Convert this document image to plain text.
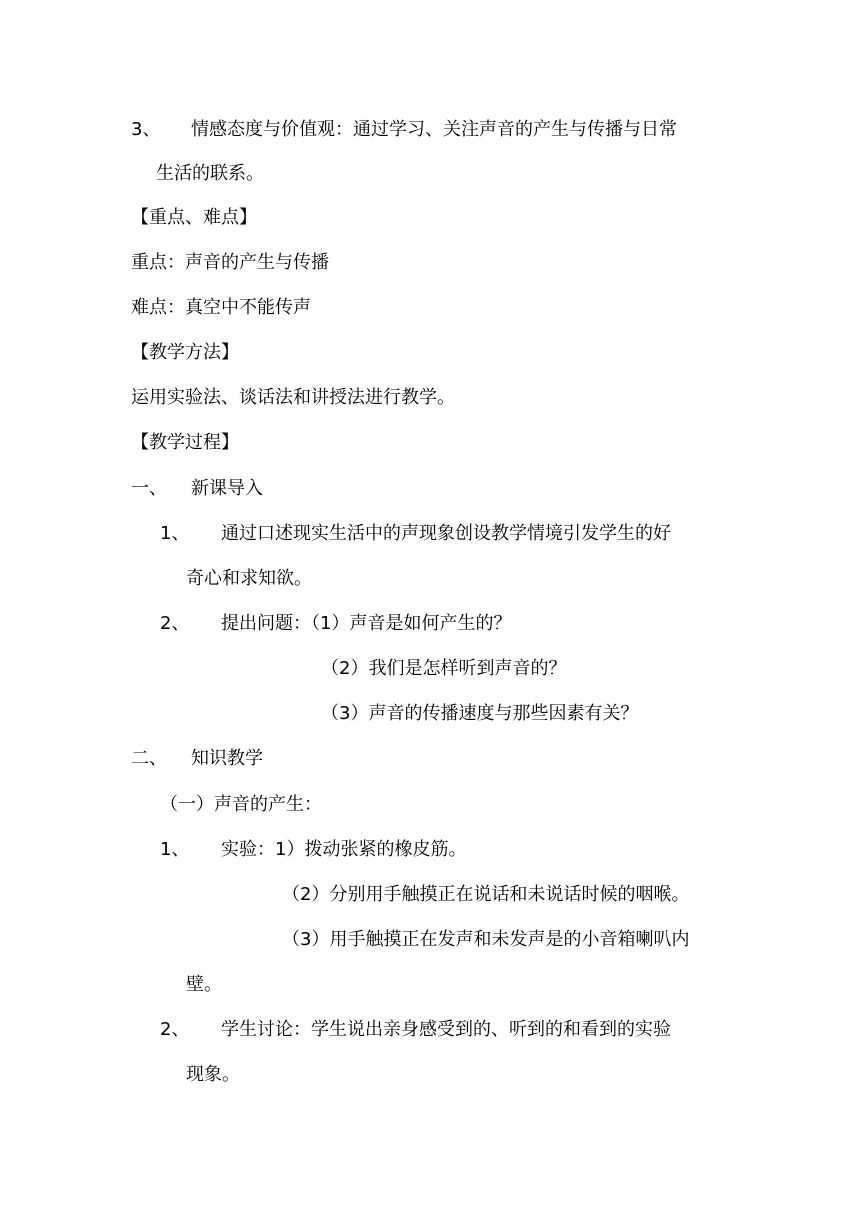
3、 情感态度与价值观：通过学习、关注声音的产生与传播与日常
生活的联系。
【重点、难点】
重点：声音的产生与传播
难点：真空中不能传声
【教学方法】
运用实验法、谈话法和讲授法进行教学。
【教学过程】
一、 新课导入
1、 通过口述现实生活中的声现象创设教学情境引发学生的好
奇心和求知欲。
2、 提出问题：（1）声音是如何产生的？
（2）我们是怎样听到声音的？
（3）声音的传播速度与那些因素有关？
二、 知识教学
（一）声音的产生：
1、 实验：1）拨动张紧的橡皮筋。
（2）分别用手触摸正在说话和未说话时候的咽喉。
（3）用手触摸正在发声和未发声是的小音箱喇叭内
壁。
2、 学生讨论：学生说出亲身感受到的、听到的和看到的实验
现象。
